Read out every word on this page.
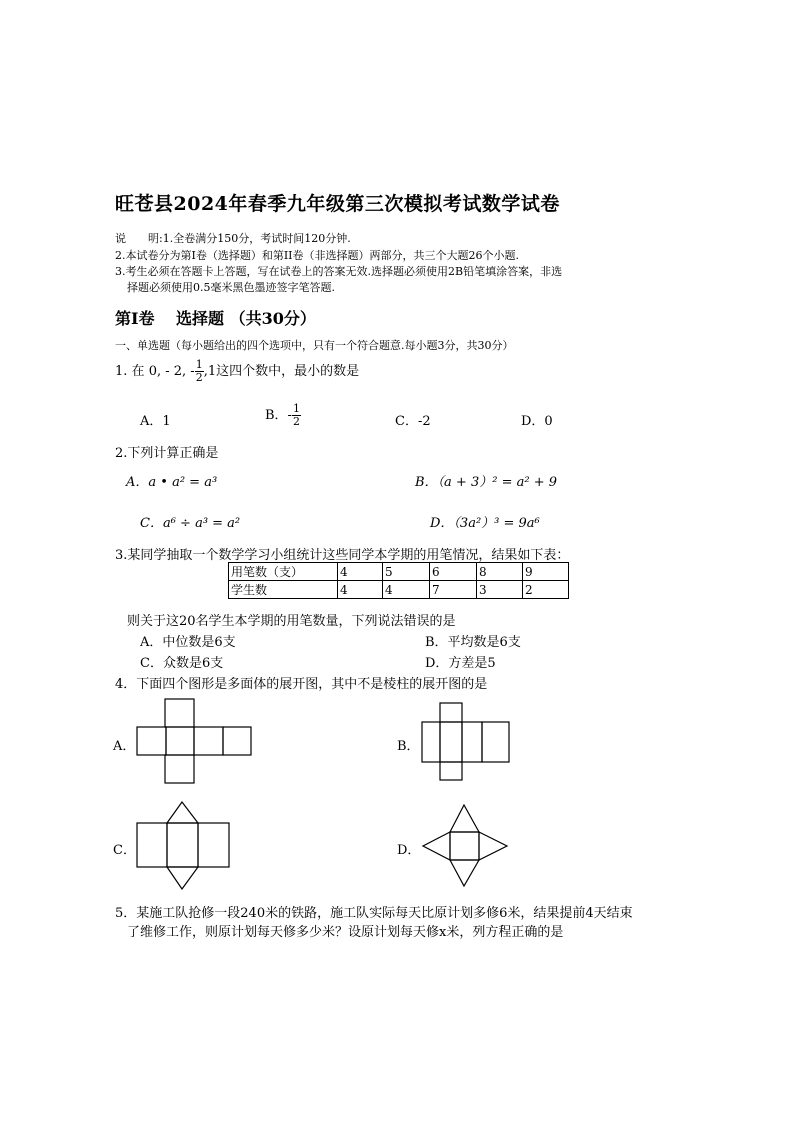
旺苍县2024年春季九年级第三次模拟考试数学试卷
说　　明:1.全卷满分150分，考试时间120分钟.
2.本试卷分为第Ⅰ卷（选择题）和第II卷（非选择题）两部分，共三个大题26个小题.
3.考生必须在答题卡上答题，写在试卷上的答案无效.选择题必须使用2B铅笔填涂答案，非选
择题必须使用0.5毫米黑色墨迹签字笔答题.
第Ⅰ卷　 选择题 （共30分）
一、单选题（每小题给出的四个选项中，只有一个符合题意.每小题3分，共30分）
1. 在 0, - 2, - $\frac{1}{2} ,1$这四个数中，最小的数是
A．1	B．- $\frac{1}{2}$	C．-2	D．0
2.下列计算正确是
A．a • a² = a³	B．（a + 3）² = a² + 9
C．a⁶ ÷ a³ = a²	D．（3a²）³ = 9a⁶
3.某同学抽取一个数学学习小组统计这些同学本学期的用笔情况，结果如下表：
用笔数（支）	4	5	6	8	9
学生数	4	4	7	3	2
则关于这20名学生本学期的用笔数量，下列说法错误的是
A．中位数是6支	B．平均数是6支
C．众数是6支	D．方差是5
4．下面四个图形是多面体的展开图，其中不是棱柱的展开图的是
A．	B．
C．	D．
5．某施工队抢修一段240米的铁路，施工队实际每天比原计划多修6米，结果提前4天结束
了维修工作，则原计划每天修多少米？设原计划每天修x米，列方程正确的是
